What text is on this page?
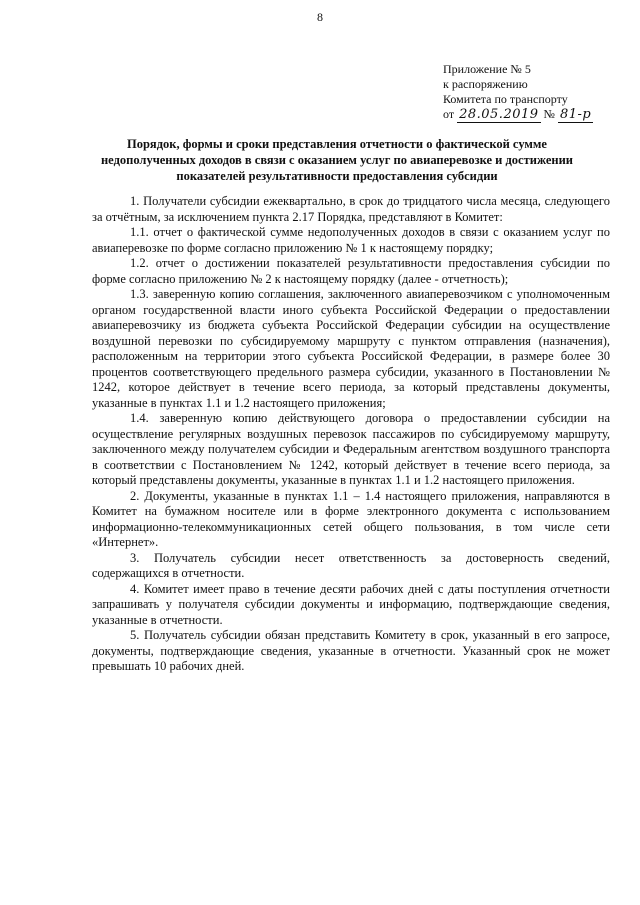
8
Приложение № 5
к распоряжению
Комитета по транспорту
от 28.05.2019 № 81-р
Порядок, формы и сроки представления отчетности о фактической сумме недополученных доходов в связи с оказанием услуг по авиаперевозке и достижении показателей результативности предоставления субсидии

1. Получатели субсидии ежеквартально, в срок до тридцатого числа месяца, следующего за отчётным, за исключением пункта 2.17 Порядка, представляют в Комитет:

1.1. отчет о фактической сумме недополученных доходов в связи с оказанием услуг по авиаперевозке по форме согласно приложению № 1 к настоящему порядку;

1.2. отчет о достижении показателей результативности предоставления субсидии по форме согласно приложению № 2 к настоящему порядку (далее - отчетность);

1.3. заверенную копию соглашения, заключенного авиаперевозчиком с уполномоченным органом государственной власти иного субъекта Российской Федерации о предоставлении авиаперевозчику из бюджета субъекта Российской Федерации субсидии на осуществление воздушной перевозки по субсидируемому маршруту с пунктом отправления (назначения), расположенным на территории этого субъекта Российской Федерации, в размере более 30 процентов соответствующего предельного размера субсидии, указанного в Постановлении № 1242, которое действует в течение всего периода, за который представлены документы, указанные в пунктах 1.1 и 1.2 настоящего приложения;

1.4. заверенную копию действующего договора о предоставлении субсидии на осуществление регулярных воздушных перевозок пассажиров по субсидируемому маршруту, заключенного между получателем субсидии и Федеральным агентством воздушного транспорта в соответствии с Постановлением № 1242, который действует в течение всего периода, за который представлены документы, указанные в пунктах 1.1 и 1.2 настоящего приложения.

2. Документы, указанные в пунктах 1.1 – 1.4 настоящего приложения, направляются в Комитет на бумажном носителе или в форме электронного документа с использованием информационно-телекоммуникационных сетей общего пользования, в том числе сети «Интернет».

3. Получатель субсидии несет ответственность за достоверность сведений, содержащихся в отчетности.

4. Комитет имеет право в течение десяти рабочих дней с даты поступления отчетности запрашивать у получателя субсидии документы и информацию, подтверждающие сведения, указанные в отчетности.

5. Получатель субсидии обязан представить Комитету в срок, указанный в его запросе, документы, подтверждающие сведения, указанные в отчетности. Указанный срок не может превышать 10 рабочих дней.
